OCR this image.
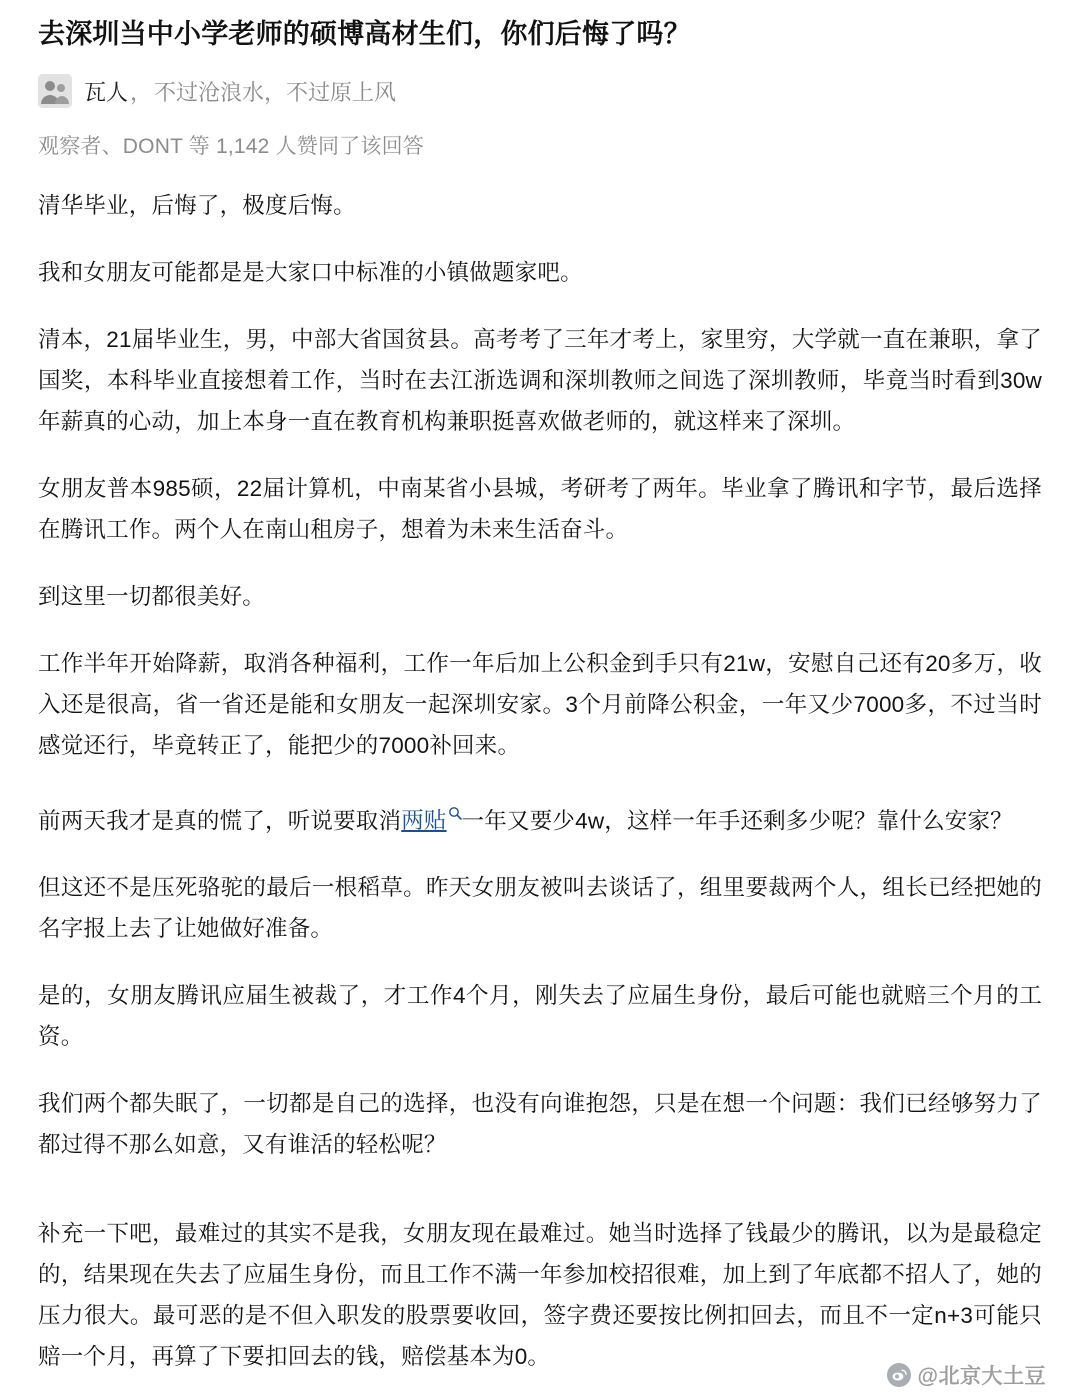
去深圳当中小学老师的硕博高材生们，你们后悔了吗？
瓦人 ， 不过沧浪水，不过原上风
观察者、DONT 等 1,142 人赞同了该回答

清华毕业，后悔了，极度后悔。

我和女朋友可能都是是大家口中标准的小镇做题家吧。

清本，21届毕业生，男，中部大省国贫县。高考考了三年才考上，家里穷，大学就一直在兼职，拿了国奖，本科毕业直接想着工作，当时在去江浙选调和深圳教师之间选了深圳教师，毕竟当时看到30w年薪真的心动，加上本身一直在教育机构兼职挺喜欢做老师的，就这样来了深圳。

女朋友普本985硕，22届计算机，中南某省小县城，考研考了两年。毕业拿了腾讯和字节，最后选择在腾讯工作。两个人在南山租房子，想着为未来生活奋斗。

到这里一切都很美好。

工作半年开始降薪，取消各种福利，工作一年后加上公积金到手只有21w，安慰自己还有20多万，收入还是很高，省一省还是能和女朋友一起深圳安家。3个月前降公积金，一年又少7000多，不过当时感觉还行，毕竟转正了，能把少的7000补回来。

前两天我才是真的慌了，听说要取消两贴 一年又要少4w，这样一年手还剩多少呢？靠什么安家？

但这还不是压死骆驼的最后一根稻草。昨天女朋友被叫去谈话了，组里要裁两个人，组长已经把她的名字报上去了让她做好准备。

是的，女朋友腾讯应届生被裁了，才工作4个月，刚失去了应届生身份，最后可能也就赔三个月的工资。

我们两个都失眠了，一切都是自己的选择，也没有向谁抱怨，只是在想一个问题：我们已经够努力了都过得不那么如意，又有谁活的轻松呢？

补充一下吧，最难过的其实不是我，女朋友现在最难过。她当时选择了钱最少的腾讯，以为是最稳定的，结果现在失去了应届生身份，而且工作不满一年参加校招很难，加上到了年底都不招人了，她的压力很大。最可恶的是不但入职发的股票要收回，签字费还要按比例扣回去，而且不一定n+3可能只赔一个月，再算了下要扣回去的钱，赔偿基本为0。

@北京大土豆
